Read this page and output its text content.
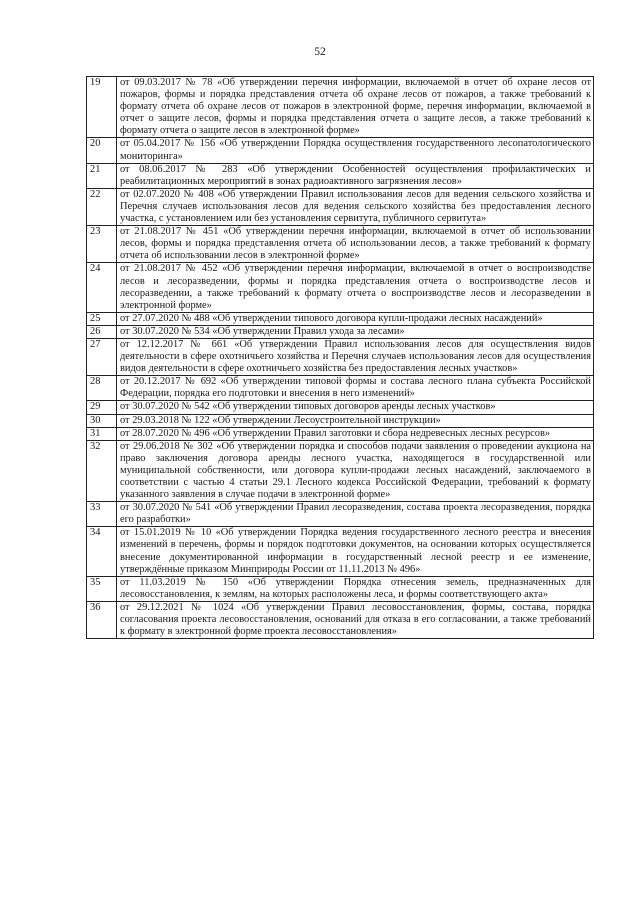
52
19	от 09.03.2017 № 78 «Об утверждении перечня информации, включаемой в отчет об охране лесов от пожаров, формы и порядка представления отчета об охране лесов от пожаров, а также требований к формату отчета об охране лесов от пожаров в электронной форме, перечня информации, включаемой в отчет о защите лесов, формы и порядка представления отчета о защите лесов, а также требований к формату отчета о защите лесов в электронной форме»
20	от 05.04.2017 № 156 «Об утверждении Порядка осуществления государственного лесопатологического мониторинга»
21	от 08.06.2017 № 283 «Об утверждении Особенностей осуществления профилактических и реабилитационных мероприятий в зонах радиоактивного загрязнения лесов»
22	от 02.07.2020 № 408 «Об утверждении Правил использования лесов для ведения сельского хозяйства и Перечня случаев использования лесов для ведения сельского хозяйства без предоставления лесного участка, с установлением или без установления сервитута, публичного сервитута»
23	от 21.08.2017 № 451 «Об утверждении перечня информации, включаемой в отчет об использовании лесов, формы и порядка представления отчета об использовании лесов, а также требований к формату отчета об использовании лесов в электронной форме»
24	от 21.08.2017 № 452 «Об утверждении перечня информации, включаемой в отчет о воспроизводстве лесов и лесоразведении, формы и порядка представления отчета о воспроизводстве лесов и лесоразведении, а также требований к формату отчета о воспроизводстве лесов и лесоразведении в электронной форме»
25	от 27.07.2020 № 488 «Об утверждении типового договора купли-продажи лесных насаждений»
26	от 30.07.2020 № 534 «Об утверждении Правил ухода за лесами»
27	от 12.12.2017 № 661 «Об утверждении Правил использования лесов для осуществления видов деятельности в сфере охотничьего хозяйства и Перечня случаев использования лесов для осуществления видов деятельности в сфере охотничьего хозяйства без предоставления лесных участков»
28	от 20.12.2017 № 692 «Об утверждении типовой формы и состава лесного плана субъекта Российской Федерации, порядка его подготовки и внесения в него изменений»
29	от 30.07.2020 № 542 «Об утверждении типовых договоров аренды лесных участков»
30	от 29.03.2018 № 122 «Об утверждении Лесоустроительной инструкции»
31	от 28.07.2020 № 496 «Об утверждении Правил заготовки и сбора недревесных лесных ресурсов»
32	от 29.06.2018 № 302 «Об утверждении порядка и способов подачи заявления о проведении аукциона на право заключения договора аренды лесного участка, находящегося в государственной или муниципальной собственности, или договора купли-продажи лесных насаждений, заключаемого в соответствии с частью 4 статьи 29.1 Лесного кодекса Российской Федерации, требований к формату указанного заявления в случае подачи в электронной форме»
33	от 30.07.2020 № 541 «Об утверждении Правил лесоразведения, состава проекта лесоразведения, порядка его разработки»
34	от 15.01.2019 № 10 «Об утверждении Порядка ведения государственного лесного реестра и внесения изменений в перечень, формы и порядок подготовки документов, на основании которых осуществляется внесение документированной информации в государственный лесной реестр и ее изменение, утверждённые приказом Минприроды России от 11.11.2013 № 496»
35	от 11.03.2019 № 150 «Об утверждении Порядка отнесения земель, предназначенных для лесовосстановления, к землям, на которых расположены леса, и формы соответствующего акта»
36	от 29.12.2021 № 1024 «Об утверждении Правил лесовосстановления, формы, состава, порядка согласования проекта лесовосстановления, оснований для отказа в его согласовании, а также требований к формату в электронной форме проекта лесовосстановления»
